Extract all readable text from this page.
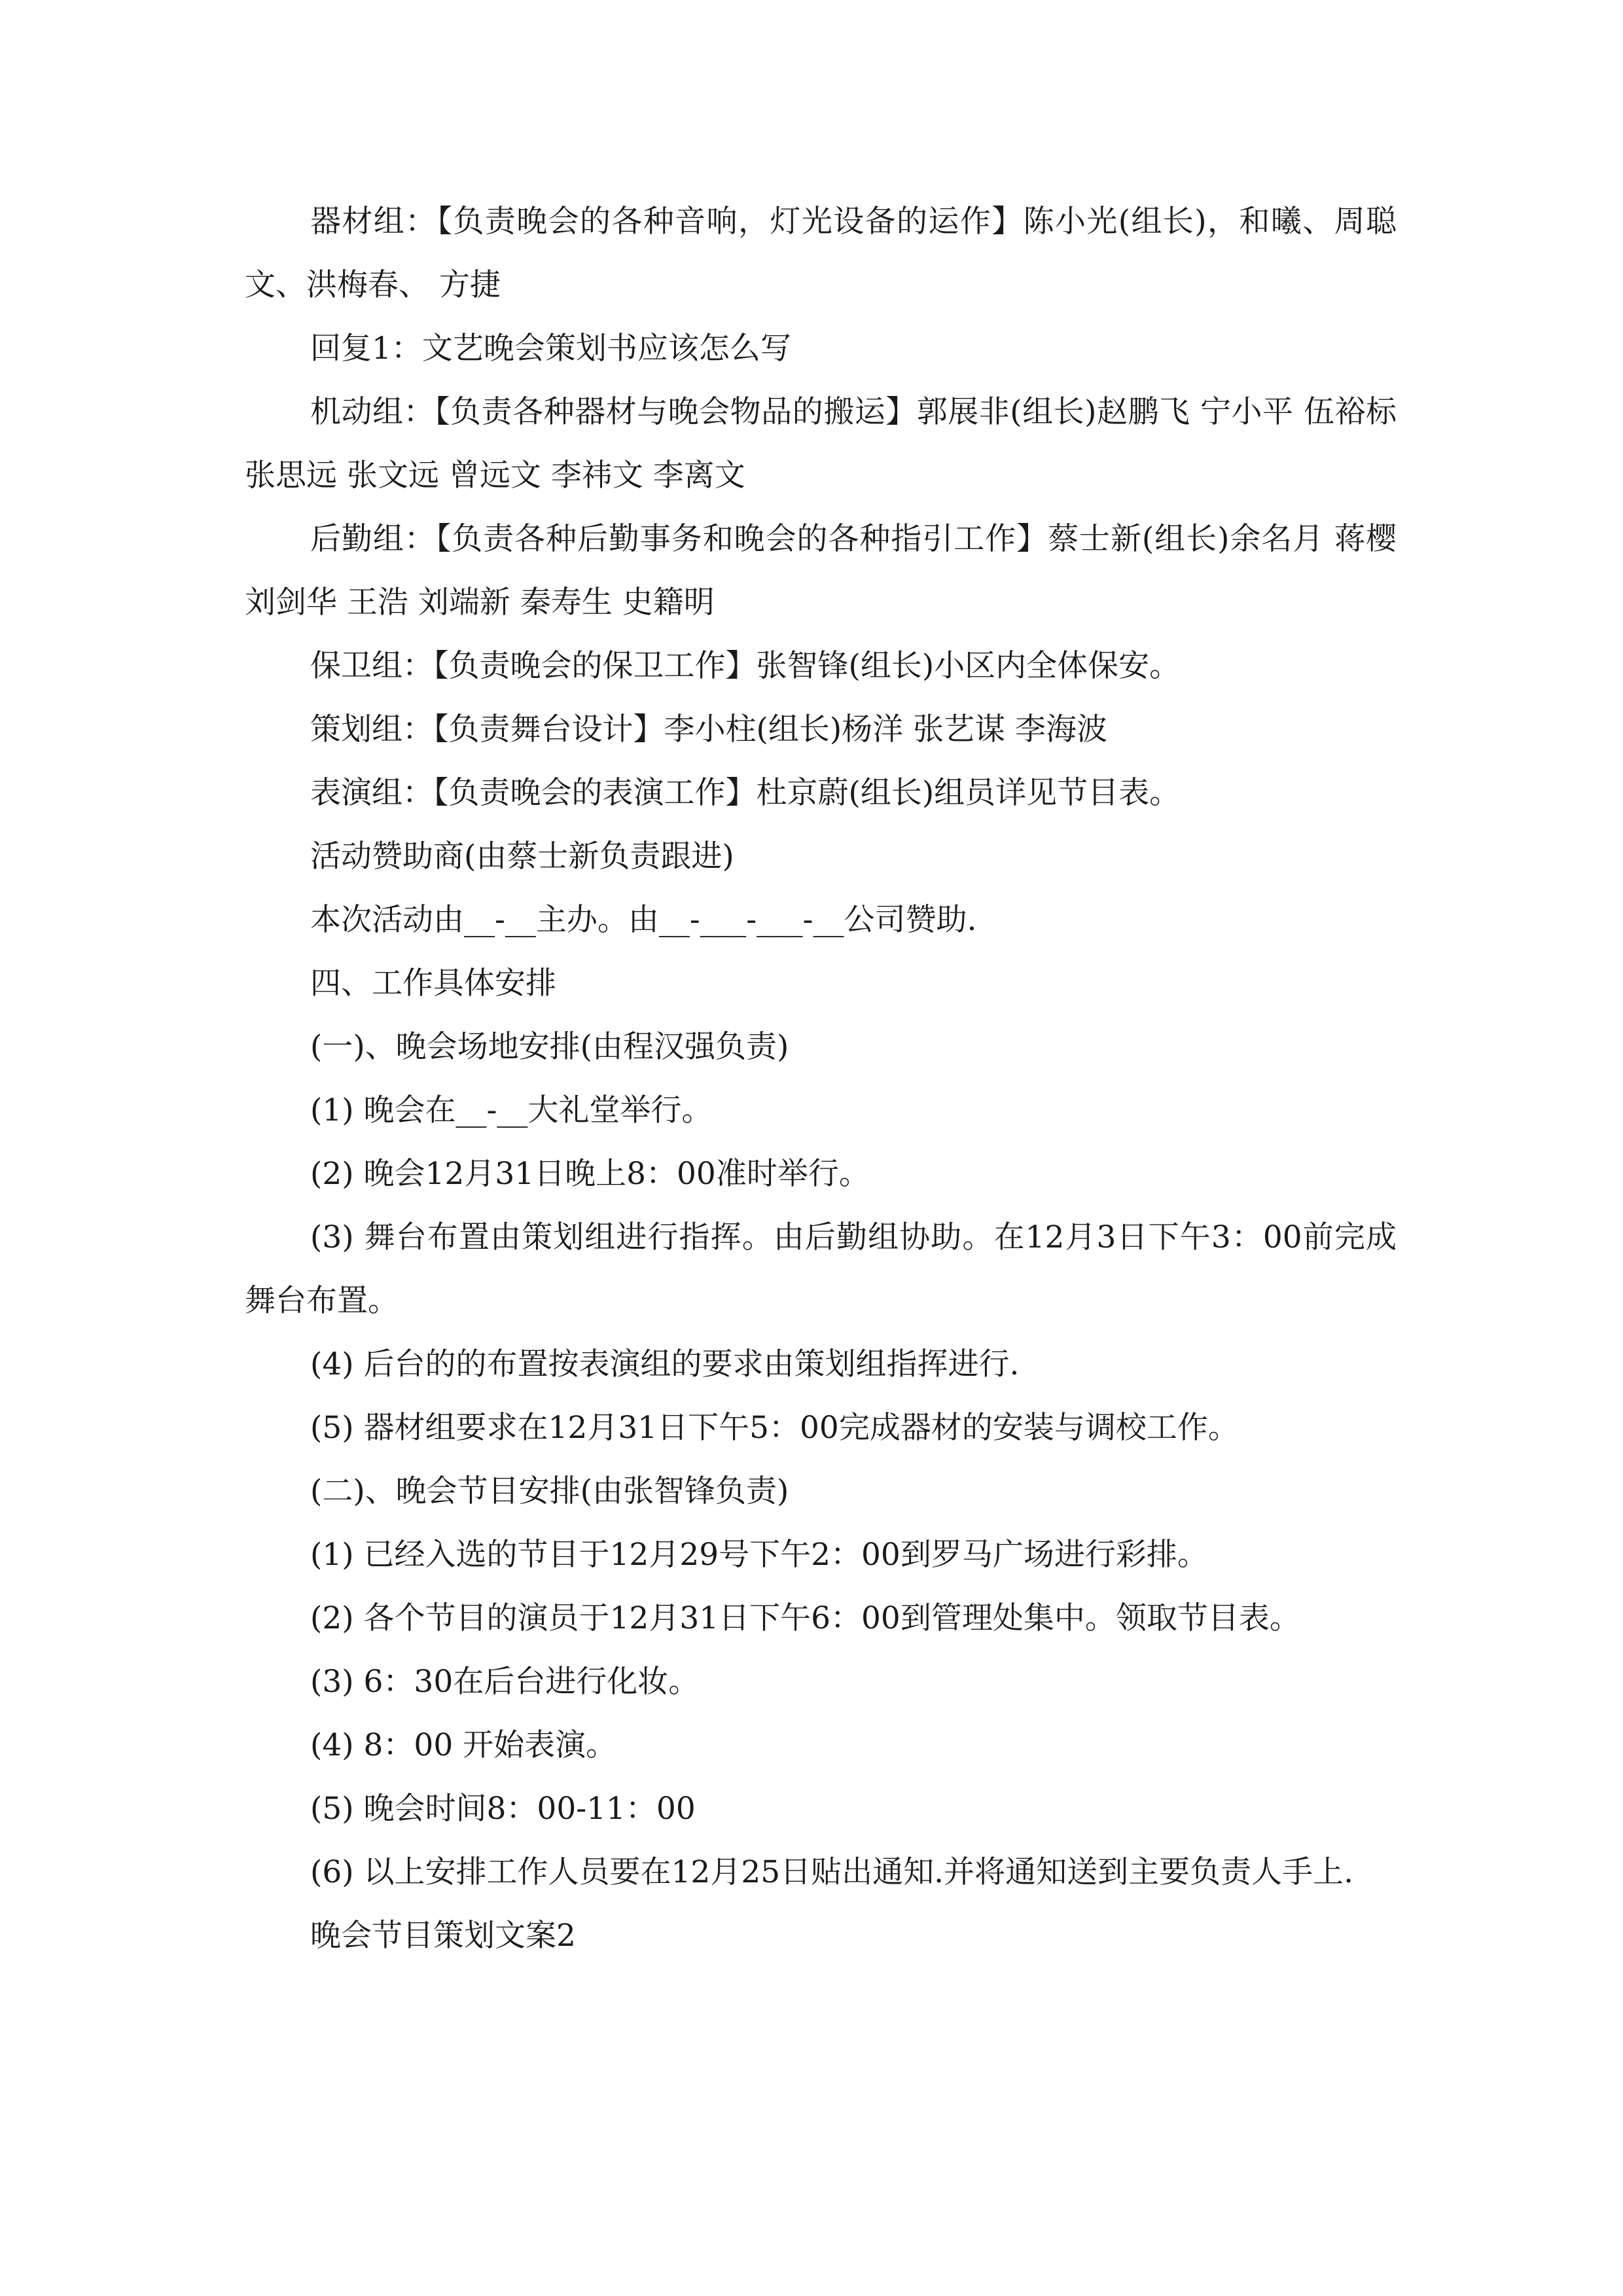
器材组：【负责晚会的各种音响，灯光设备的运作】陈小光(组长)，和曦、周聪文、洪梅春、 方捷

回复1：文艺晚会策划书应该怎么写

机动组：【负责各种器材与晚会物品的搬运】郭展非(组长)赵鹏飞 宁小平 伍裕标 张思远 张文远 曾远文 李祎文 李离文

后勤组：【负责各种后勤事务和晚会的各种指引工作】蔡士新(组长)余名月 蒋樱 刘剑华 王浩 刘端新 秦寿生 史籍明

保卫组：【负责晚会的保卫工作】张智锋(组长)小区内全体保安。

策划组：【负责舞台设计】李小柱(组长)杨洋 张艺谋 李海波

表演组：【负责晚会的表演工作】杜京蔚(组长)组员详见节目表。

活动赞助商(由蔡士新负责跟进)

本次活动由__-__主办。由__-___-___-__公司赞助.

四、工作具体安排

(一)、晚会场地安排(由程汉强负责)

(1) 晚会在__-__大礼堂举行。

(2) 晚会12月31日晚上8：00准时举行。

(3) 舞台布置由策划组进行指挥。由后勤组协助。在12月3日下午3：00前完成舞台布置。

(4) 后台的的布置按表演组的要求由策划组指挥进行.

(5) 器材组要求在12月31日下午5：00完成器材的安装与调校工作。

(二)、晚会节目安排(由张智锋负责)

(1) 已经入选的节目于12月29号下午2：00到罗马广场进行彩排。

(2) 各个节目的演员于12月31日下午6：00到管理处集中。领取节目表。

(3) 6：30在后台进行化妆。

(4) 8：00 开始表演。

(5) 晚会时间8：00-11：00

(6) 以上安排工作人员要在12月25日贴出通知.并将通知送到主要负责人手上.

晚会节目策划文案2
